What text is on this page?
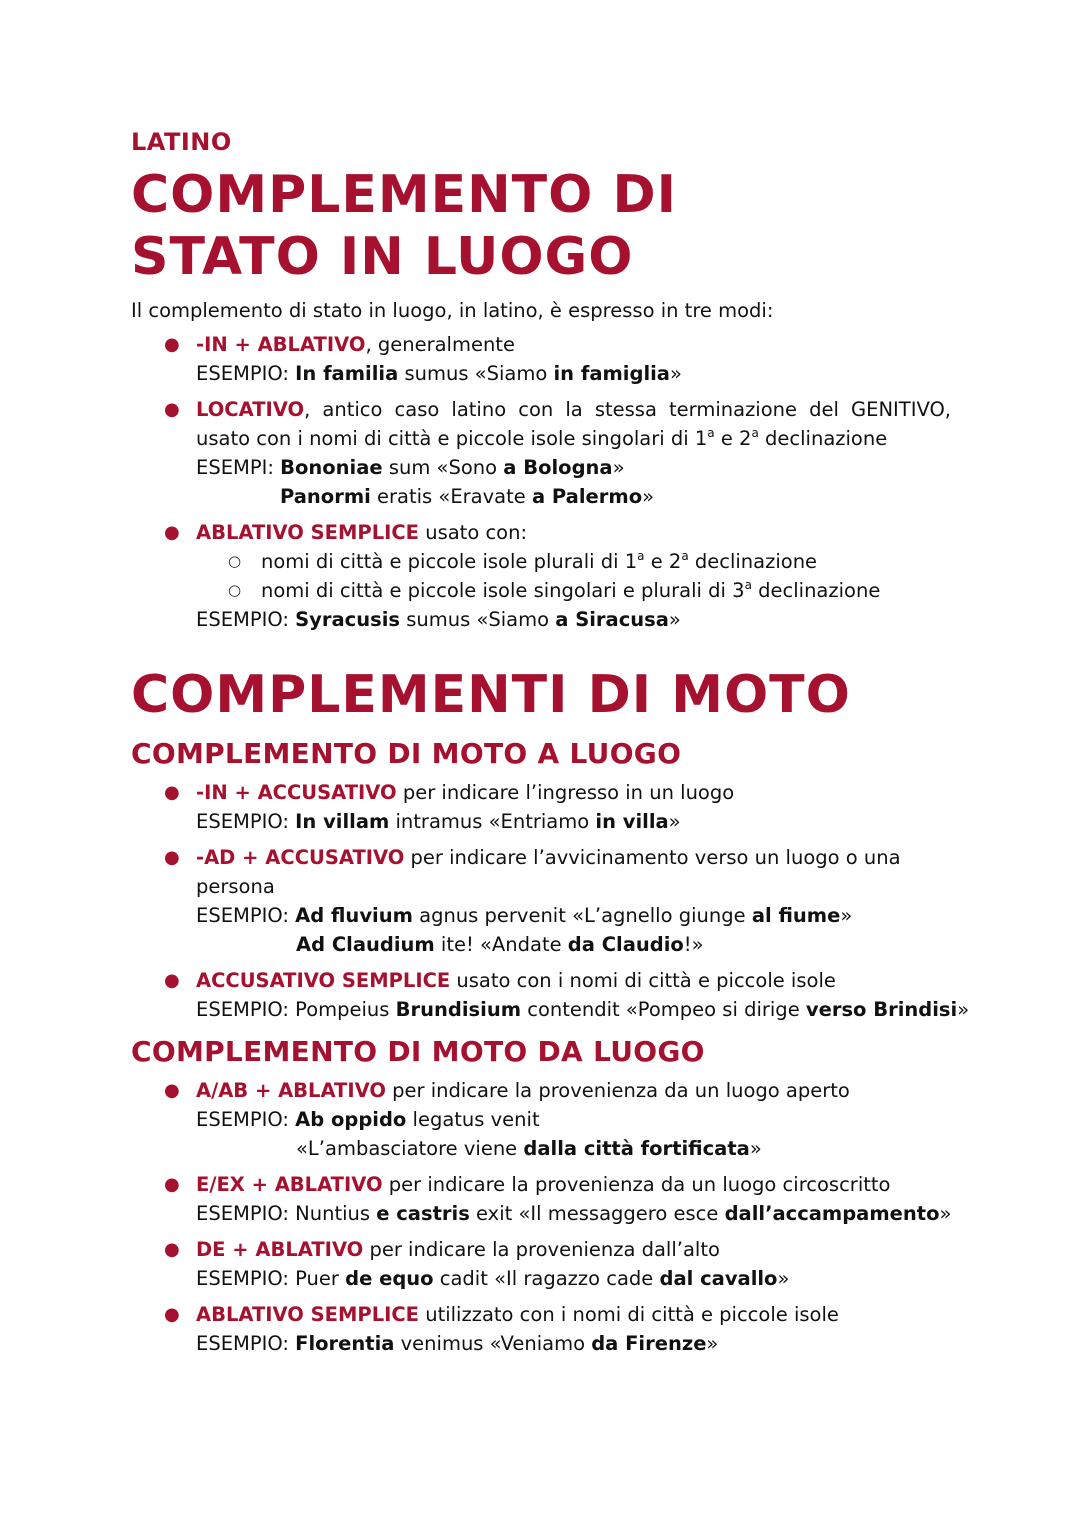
LATINO

COMPLEMENTO DI
STATO IN LUOGO

Il complemento di stato in luogo, in latino, è espresso in tre modi:

● -IN + ABLATIVO, generalmente
ESEMPIO: In familia sumus «Siamo in famiglia»
● LOCATIVO, antico caso latino con la stessa terminazione del GENITIVO,
usato con i nomi di città e piccole isole singolari di 1$^a$ e 2$^a$ declinazione
ESEMPI: Bononiae sum «Sono a Bologna»
Panormi eratis «Eravate a Palermo»
● ABLATIVO SEMPLICE usato con:
○ nomi di città e piccole isole plurali di 1$^a$ e 2$^a$ declinazione
○ nomi di città e piccole isole singolari e plurali di 3$^a$ declinazione
ESEMPIO: Syracusis sumus «Siamo a Siracusa»
COMPLEMENTI DI MOTO
COMPLEMENTO DI MOTO A LUOGO
● -IN + ACCUSATIVO per indicare l’ingresso in un luogo
ESEMPIO: In villam intramus «Entriamo in villa»
● -AD + ACCUSATIVO per indicare l’avvicinamento verso un luogo o una
persona
ESEMPIO: Ad fluvium agnus pervenit «L’agnello giunge al fiume»
Ad Claudium ite! «Andate da Claudio!»
● ACCUSATIVO SEMPLICE usato con i nomi di città e piccole isole
ESEMPIO: Pompeius Brundisium contendit «Pompeo si dirige verso Brindisi»
COMPLEMENTO DI MOTO DA LUOGO
● A/AB + ABLATIVO per indicare la provenienza da un luogo aperto
ESEMPIO: Ab oppido legatus venit
«L’ambasciatore viene dalla città fortificata»
● E/EX + ABLATIVO per indicare la provenienza da un luogo circoscritto
ESEMPIO: Nuntius e castris exit «Il messaggero esce dall’accampamento»
● DE + ABLATIVO per indicare la provenienza dall’alto
ESEMPIO: Puer de equo cadit «Il ragazzo cade dal cavallo»
● ABLATIVO SEMPLICE utilizzato con i nomi di città e piccole isole
ESEMPIO: Florentia venimus «Veniamo da Firenze»
